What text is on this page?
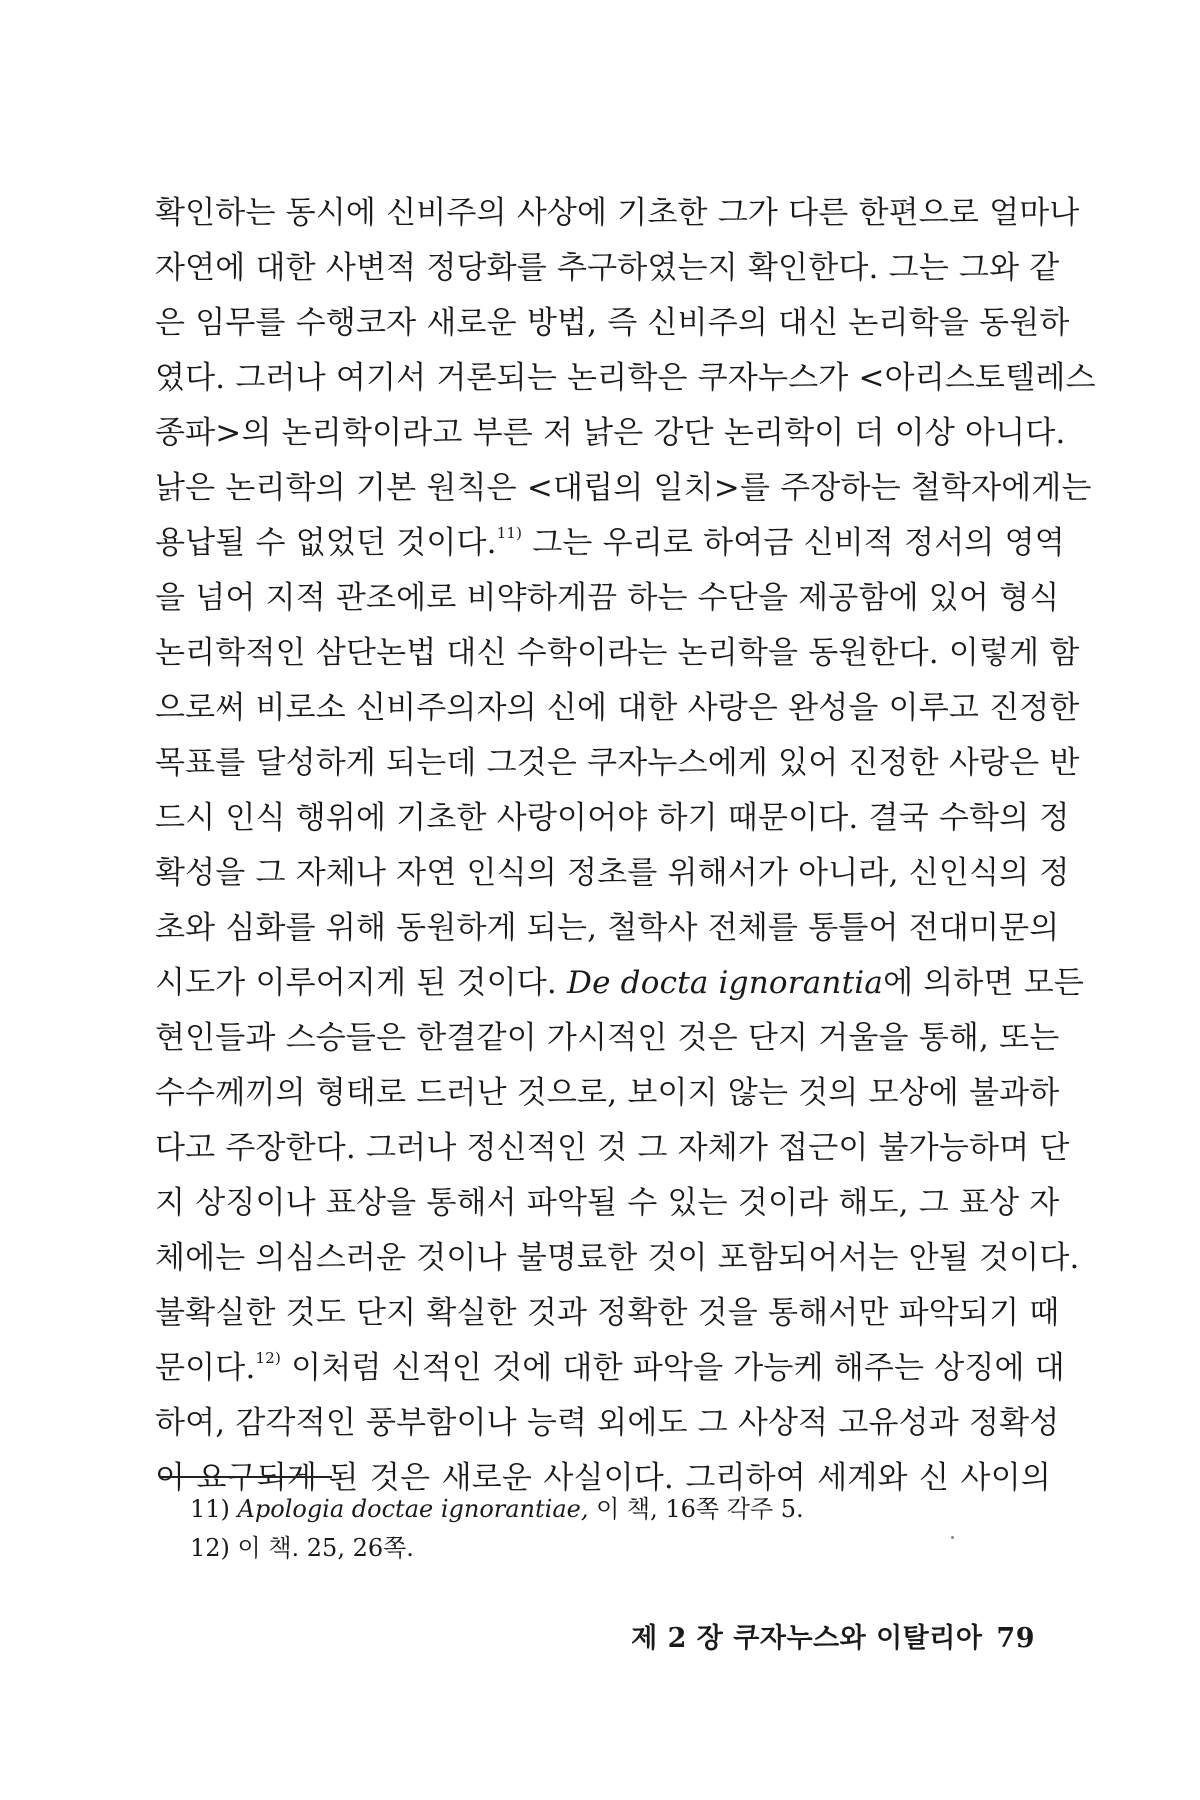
확인하는 동시에 신비주의 사상에 기초한 그가 다른 한편으로 얼마나
자연에 대한 사변적 정당화를 추구하였는지 확인한다. 그는 그와 같
은 임무를 수행코자 새로운 방법, 즉 신비주의 대신 논리학을 동원하
였다. 그러나 여기서 거론되는 논리학은 쿠자누스가 <아리스토텔레스
종파>의 논리학이라고 부른 저 낡은 강단 논리학이 더 이상 아니다.
낡은 논리학의 기본 원칙은 <대립의 일치>를 주장하는 철학자에게는
용납될 수 없었던 것이다.$^{11)}$ 그는 우리로 하여금 신비적 정서의 영역
을 넘어 지적 관조에로 비약하게끔 하는 수단을 제공함에 있어 형식
논리학적인 삼단논법 대신 수학이라는 논리학을 동원한다. 이렇게 함
으로써 비로소 신비주의자의 신에 대한 사랑은 완성을 이루고 진정한
목표를 달성하게 되는데 그것은 쿠자누스에게 있어 진정한 사랑은 반
드시 인식 행위에 기초한 사랑이어야 하기 때문이다. 결국 수학의 정
확성을 그 자체나 자연 인식의 정초를 위해서가 아니라, 신인식의 정
초와 심화를 위해 동원하게 되는, 철학사 전체를 통틀어 전대미문의
시도가 이루어지게 된 것이다. De docta ignorantia에 의하면 모든
현인들과 스승들은 한결같이 가시적인 것은 단지 거울을 통해, 또는
수수께끼의 형태로 드러난 것으로, 보이지 않는 것의 모상에 불과하
다고 주장한다. 그러나 정신적인 것 그 자체가 접근이 불가능하며 단
지 상징이나 표상을 통해서 파악될 수 있는 것이라 해도, 그 표상 자
체에는 의심스러운 것이나 불명료한 것이 포함되어서는 안될 것이다.
불확실한 것도 단지 확실한 것과 정확한 것을 통해서만 파악되기 때
문이다.$^{12)}$ 이처럼 신적인 것에 대한 파악을 가능케 해주는 상징에 대
하여, 감각적인 풍부함이나 능력 외에도 그 사상적 고유성과 정확성
이 요구되게 된 것은 새로운 사실이다. 그리하여 세계와 신 사이의
11) Apologia doctae ignorantiae, 이 책, 16쪽 각주 5.
12) 이 책. 25, 26쪽.
제 2 장 쿠자누스와 이탈리아 79
